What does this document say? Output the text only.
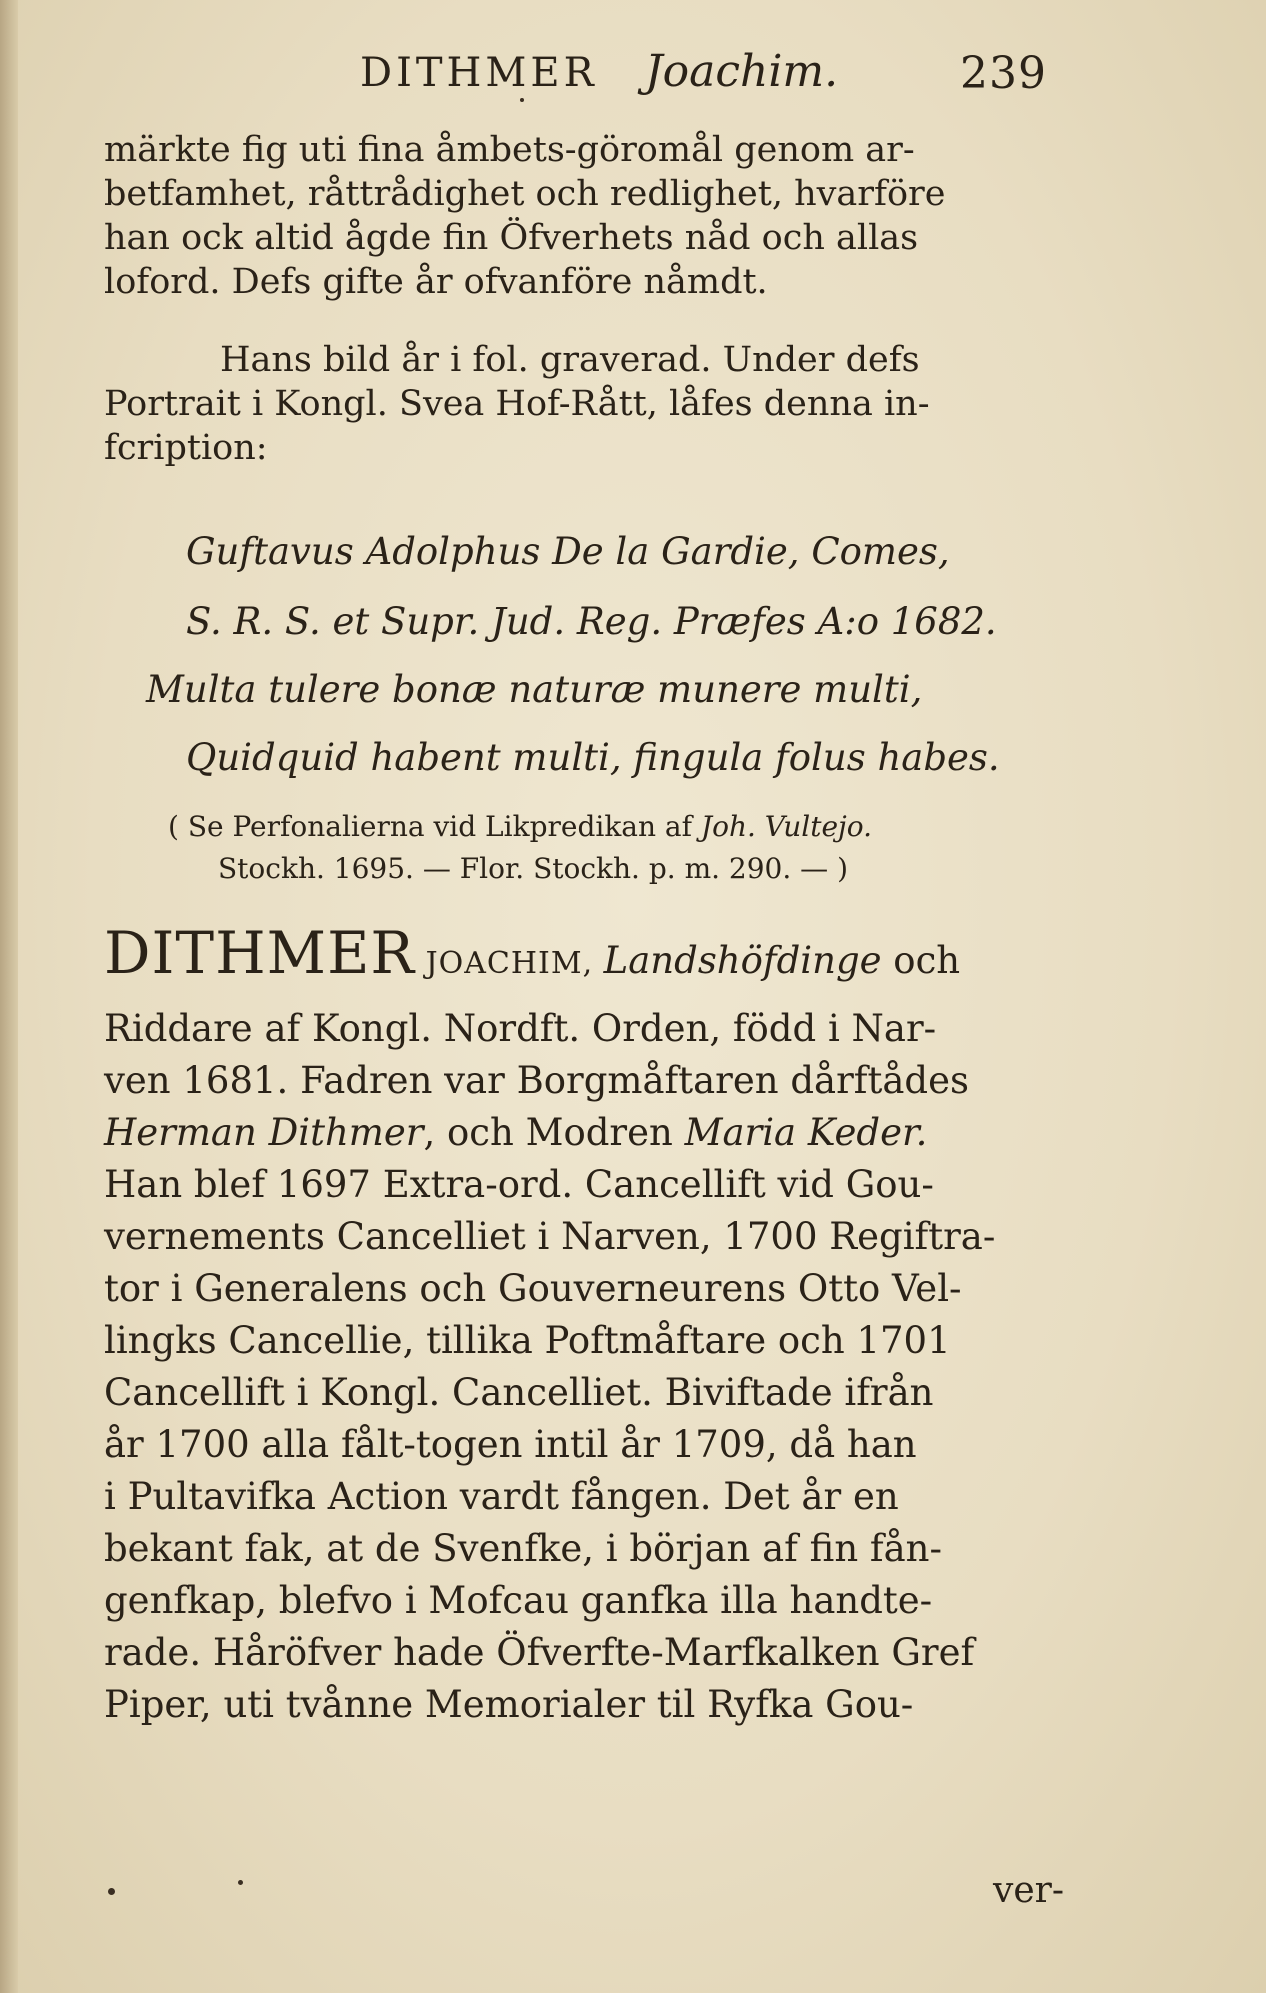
DITHMER Joachim.	239
märkte fig uti fina åmbets-göromål genom ar-
betfamhet, råttrådighet och redlighet, hvarföre
han ock altid ågde fin Öfverhets nåd och allas
loford. Defs gifte år ofvanföre nåmdt.
Hans bild år i fol. graverad. Under defs
Portrait i Kongl. Svea Hof-Rått, låfes denna in-
fcription:
Guftavus Adolphus De la Gardie, Comes,
S. R. S. et Supr. Jud. Reg. Præfes A:o 1682.
Multa tulere bonæ naturæ munere multi,
Quidquid habent multi, fingula folus habes.
( Se Perfonalierna vid Likpredikan af Joh. Vultejo.
Stockh. 1695. — Flor. Stockh. p. m. 290. — )
DITHMER JOACHIM, Landshöfdinge och
Riddare af Kongl. Nordft. Orden, född i Nar-
ven 1681. Fadren var Borgmåftaren dårftådes
Herman Dithmer, och Modren Maria Keder.
Han blef 1697 Extra-ord. Cancellift vid Gou-
vernements Cancelliet i Narven, 1700 Regiftra-
tor i Generalens och Gouverneurens Otto Vel-
lingks Cancellie, tillika Poftmåftare och 1701
Cancellift i Kongl. Cancelliet. Biviftade ifrån
år 1700 alla fålt-togen intil år 1709, då han
i Pultavifka Action vardt fången. Det år en
bekant fak, at de Svenfke, i början af fin fån-
genfkap, blefvo i Mofcau ganfka illa handte-
rade. Håröfver hade Öfverfte-Marfkalken Gref
Piper, uti tvånne Memorialer til Ryfka Gou-
ver-
